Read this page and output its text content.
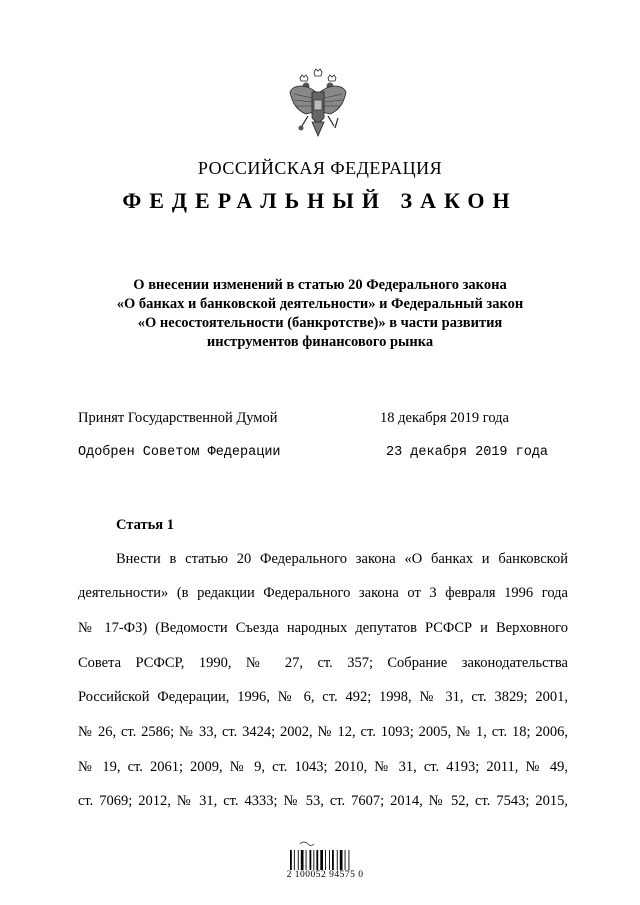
РОССИЙСКАЯ ФЕДЕРАЦИЯ
ФЕДЕРАЛЬНЫЙ ЗАКОН
О внесении изменений в статью 20 Федерального закона
«О банках и банковской деятельности» и Федеральный закон
«О несостоятельности (банкротстве)» в части развития
инструментов финансового рынка
Принят Государственной Думой	18 декабря 2019 года
Одобрен Советом Федерации	23 декабря 2019 года
Статья 1
Внести в статью 20 Федерального закона «О банках и банковской
деятельности» (в редакции Федерального закона от 3 февраля 1996 года
№ 17-ФЗ) (Ведомости Съезда народных депутатов РСФСР и Верховного
Совета РСФСР, 1990, № 27, ст. 357; Собрание законодательства
Российской Федерации, 1996, № 6, ст. 492; 1998, № 31, ст. 3829; 2001,
№ 26, ст. 2586; № 33, ст. 3424; 2002, № 12, ст. 1093; 2005, № 1, ст. 18; 2006,
№ 19, ст. 2061; 2009, № 9, ст. 1043; 2010, № 31, ст. 4193; 2011, № 49,
ст. 7069; 2012, № 31, ст. 4333; № 53, ст. 7607; 2014, № 52, ст. 7543; 2015,
2 100052 94575 0
